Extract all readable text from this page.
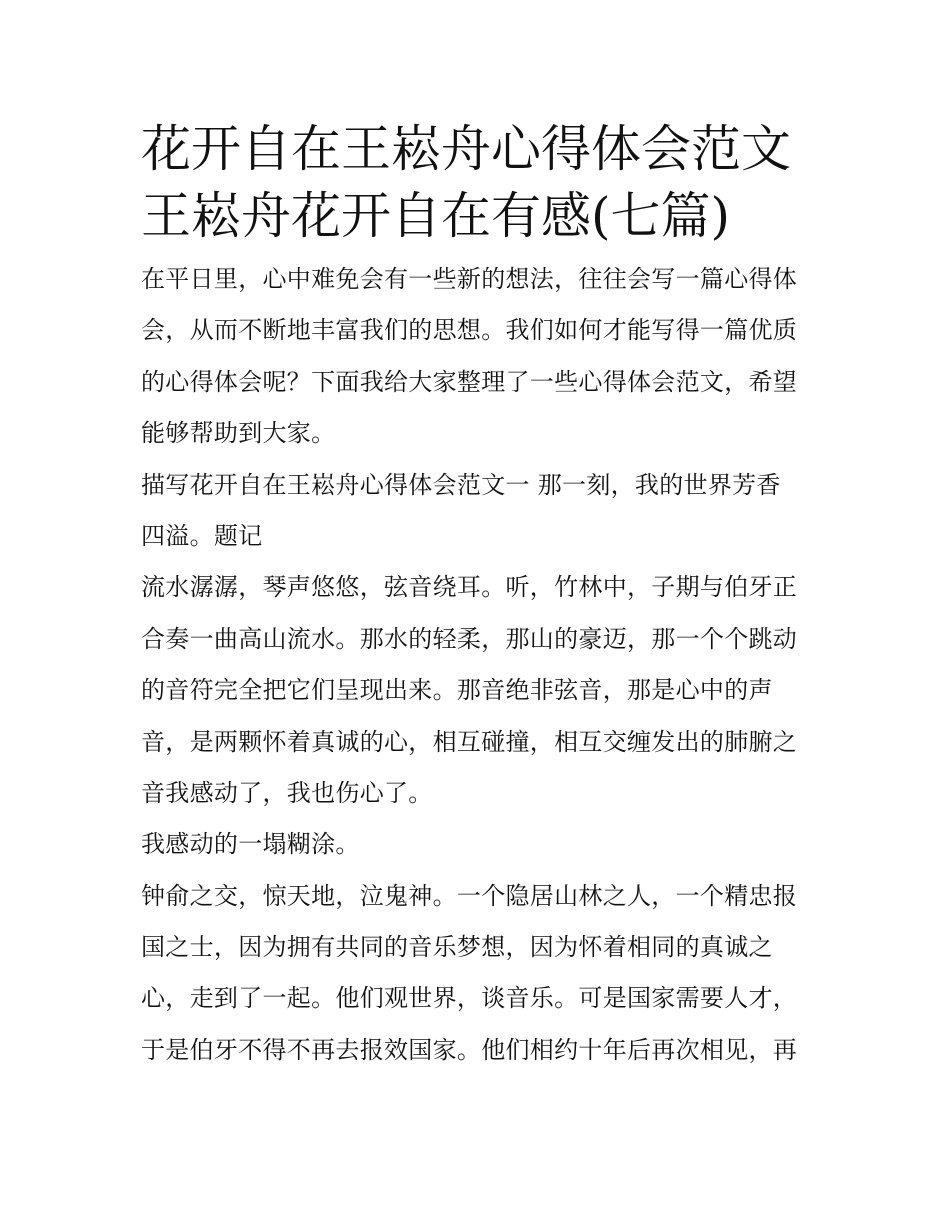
花开自在王崧舟心得体会范文
王崧舟花开自在有感(七篇)
在平日里，心中难免会有一些新的想法，往往会写一篇心得体
会，从而不断地丰富我们的思想。我们如何才能写得一篇优质
的心得体会呢？下面我给大家整理了一些心得体会范文，希望
能够帮助到大家。
描写花开自在王崧舟心得体会范文一 那一刻，我的世界芳香
四溢。题记
流水潺潺，琴声悠悠，弦音绕耳。听，竹林中，子期与伯牙正
合奏一曲高山流水。那水的轻柔，那山的豪迈，那一个个跳动
的音符完全把它们呈现出来。那音绝非弦音，那是心中的声
音，是两颗怀着真诚的心，相互碰撞，相互交缠发出的肺腑之
音我感动了，我也伤心了。
我感动的一塌糊涂。
钟俞之交，惊天地，泣鬼神。一个隐居山林之人，一个精忠报
国之士，因为拥有共同的音乐梦想，因为怀着相同的真诚之
心，走到了一起。他们观世界，谈音乐。可是国家需要人才，
于是伯牙不得不再去报效国家。他们相约十年后再次相见，再
